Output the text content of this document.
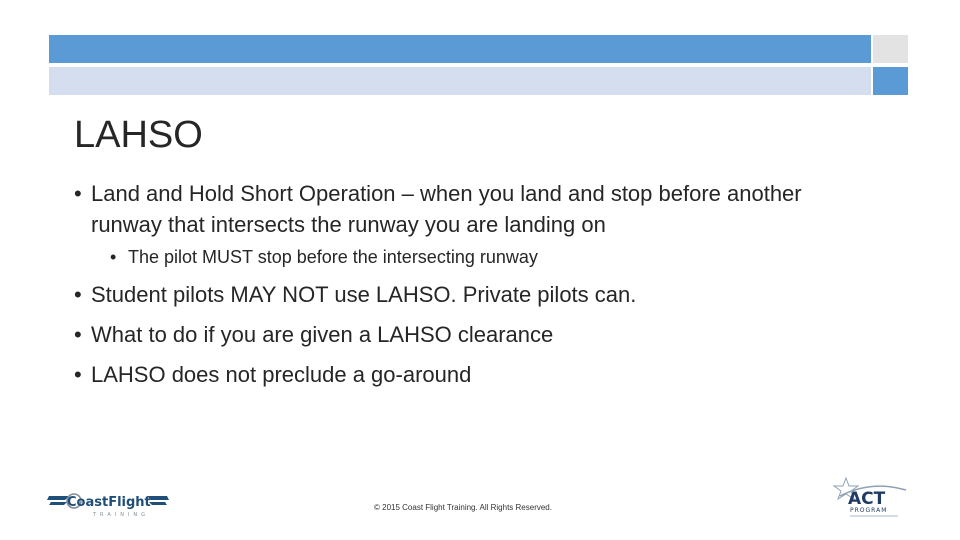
LAHSO
• Land and Hold Short Operation – when you land and stop before another runway that intersects the runway you are landing on
• The pilot MUST stop before the intersecting runway
• Student pilots MAY NOT use LAHSO. Private pilots can.
• What to do if you are given a LAHSO clearance
• LAHSO does not preclude a go-around
CoastFlight
TRAINING
© 2015 Coast Flight Training. All Rights Reserved.	ACT
PROGRAM
